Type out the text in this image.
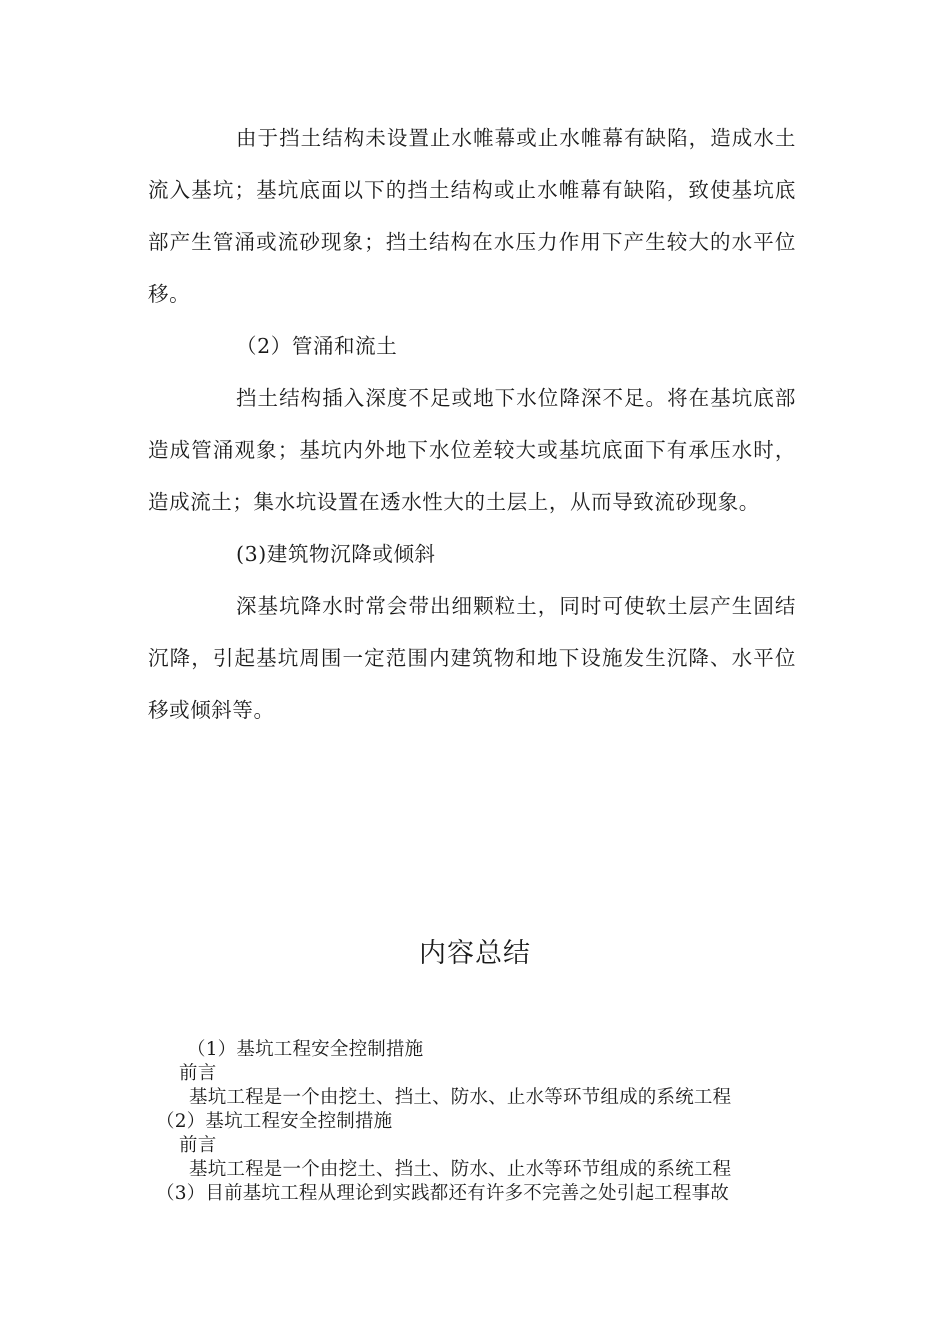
由于挡土结构未设置止水帷幕或止水帷幕有缺陷，造成水土流入基坑；基坑底面以下的挡土结构或止水帷幕有缺陷，致使基坑底部产生管涌或流砂现象；挡土结构在水压力作用下产生较大的水平位移。

（2）管涌和流土

挡土结构插入深度不足或地下水位降深不足。将在基坑底部造成管涌观象；基坑内外地下水位差较大或基坑底面下有承压水时，造成流土；集水坑设置在透水性大的土层上，从而导致流砂现象。

(3)建筑物沉降或倾斜

深基坑降水时常会带出细颗粒土，同时可使软土层产生固结沉降，引起基坑周围一定范围内建筑物和地下设施发生沉降、水平位移或倾斜等。

内容总结
（1）基坑工程安全控制措施
前言
基坑工程是一个由挖土、挡土、防水、止水等环节组成的系统工程
（2）基坑工程安全控制措施
前言
基坑工程是一个由挖土、挡土、防水、止水等环节组成的系统工程
（3）目前基坑工程从理论到实践都还有许多不完善之处引起工程事故
